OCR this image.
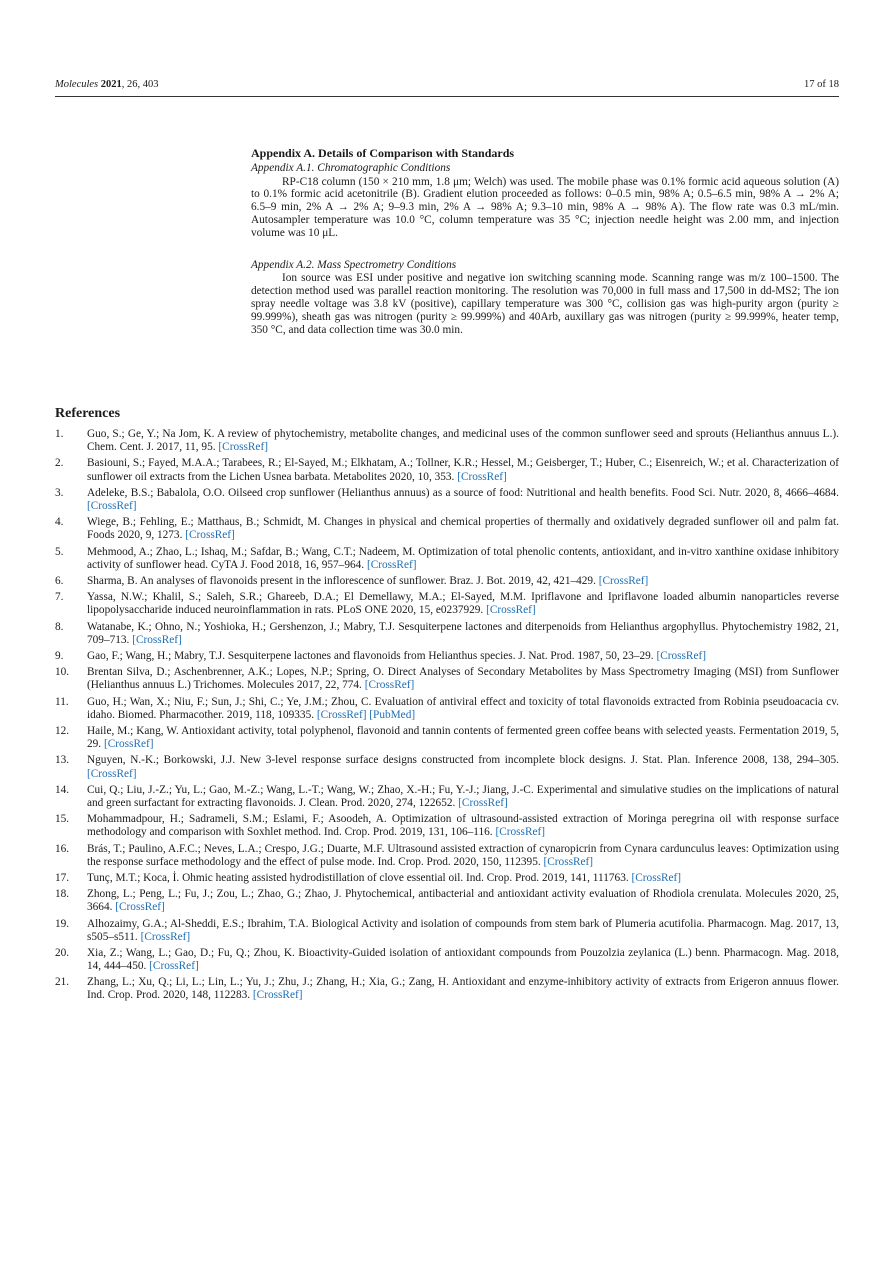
Molecules 2021, 26, 403	17 of 18
Appendix A. Details of Comparison with Standards
Appendix A.1. Chromatographic Conditions

RP-C18 column (150 × 210 mm, 1.8 μm; Welch) was used. The mobile phase was 0.1% formic acid aqueous solution (A) to 0.1% formic acid acetonitrile (B). Gradient elution proceeded as follows: 0–0.5 min, 98% A; 0.5–6.5 min, 98% A → 2% A; 6.5–9 min, 2% A → 2% A; 9–9.3 min, 2% A → 98% A; 9.3–10 min, 98% A → 98% A). The flow rate was 0.3 mL/min. Autosampler temperature was 10.0 °C, column temperature was 35 °C; injection needle height was 2.00 mm, and injection volume was 10 μL.

Appendix A.2. Mass Spectrometry Conditions

Ion source was ESI under positive and negative ion switching scanning mode. Scanning range was m/z 100–1500. The detection method used was parallel reaction monitoring. The resolution was 70,000 in full mass and 17,500 in dd-MS2; The ion spray needle voltage was 3.8 kV (positive), capillary temperature was 300 °C, collision gas was high-purity argon (purity ≥ 99.999%), sheath gas was nitrogen (purity ≥ 99.999%) and 40Arb, auxillary gas was nitrogen (purity ≥ 99.999%, heater temp, 350 °C, and data collection time was 30.0 min.

References
1. Guo, S.; Ge, Y.; Na Jom, K. A review of phytochemistry, metabolite changes, and medicinal uses of the common sunflower seed and sprouts (Helianthus annuus L.). Chem. Cent. J. 2017, 11, 95. [CrossRef]
2. Basiouni, S.; Fayed, M.A.A.; Tarabees, R.; El-Sayed, M.; Elkhatam, A.; Tollner, K.R.; Hessel, M.; Geisberger, T.; Huber, C.; Eisenreich, W.; et al. Characterization of sunflower oil extracts from the Lichen Usnea barbata. Metabolites 2020, 10, 353. [CrossRef]
3. Adeleke, B.S.; Babalola, O.O. Oilseed crop sunflower (Helianthus annuus) as a source of food: Nutritional and health benefits. Food Sci. Nutr. 2020, 8, 4666–4684. [CrossRef]
4. Wiege, B.; Fehling, E.; Matthaus, B.; Schmidt, M. Changes in physical and chemical properties of thermally and oxidatively degraded sunflower oil and palm fat. Foods 2020, 9, 1273. [CrossRef]
5. Mehmood, A.; Zhao, L.; Ishaq, M.; Safdar, B.; Wang, C.T.; Nadeem, M. Optimization of total phenolic contents, antioxidant, and in-vitro xanthine oxidase inhibitory activity of sunflower head. CyTA J. Food 2018, 16, 957–964. [CrossRef]
6. Sharma, B. An analyses of flavonoids present in the inflorescence of sunflower. Braz. J. Bot. 2019, 42, 421–429. [CrossRef]
7. Yassa, N.W.; Khalil, S.; Saleh, S.R.; Ghareeb, D.A.; El Demellawy, M.A.; El-Sayed, M.M. Ipriflavone and Ipriflavone loaded albumin nanoparticles reverse lipopolysaccharide induced neuroinflammation in rats. PLoS ONE 2020, 15, e0237929. [CrossRef]
8. Watanabe, K.; Ohno, N.; Yoshioka, H.; Gershenzon, J.; Mabry, T.J. Sesquiterpene lactones and diterpenoids from Helianthus argophyllus. Phytochemistry 1982, 21, 709–713. [CrossRef]
9. Gao, F.; Wang, H.; Mabry, T.J. Sesquiterpene lactones and flavonoids from Helianthus species. J. Nat. Prod. 1987, 50, 23–29. [CrossRef]
10. Brentan Silva, D.; Aschenbrenner, A.K.; Lopes, N.P.; Spring, O. Direct Analyses of Secondary Metabolites by Mass Spectrometry Imaging (MSI) from Sunflower (Helianthus annuus L.) Trichomes. Molecules 2017, 22, 774. [CrossRef]
11. Guo, H.; Wan, X.; Niu, F.; Sun, J.; Shi, C.; Ye, J.M.; Zhou, C. Evaluation of antiviral effect and toxicity of total flavonoids extracted from Robinia pseudoacacia cv. idaho. Biomed. Pharmacother. 2019, 118, 109335. [CrossRef] [PubMed]
12. Haile, M.; Kang, W. Antioxidant activity, total polyphenol, flavonoid and tannin contents of fermented green coffee beans with selected yeasts. Fermentation 2019, 5, 29. [CrossRef]
13. Nguyen, N.-K.; Borkowski, J.J. New 3-level response surface designs constructed from incomplete block designs. J. Stat. Plan. Inference 2008, 138, 294–305. [CrossRef]
14. Cui, Q.; Liu, J.-Z.; Yu, L.; Gao, M.-Z.; Wang, L.-T.; Wang, W.; Zhao, X.-H.; Fu, Y.-J.; Jiang, J.-C. Experimental and simulative studies on the implications of natural and green surfactant for extracting flavonoids. J. Clean. Prod. 2020, 274, 122652. [CrossRef]
15. Mohammadpour, H.; Sadrameli, S.M.; Eslami, F.; Asoodeh, A. Optimization of ultrasound-assisted extraction of Moringa peregrina oil with response surface methodology and comparison with Soxhlet method. Ind. Crop. Prod. 2019, 131, 106–116. [CrossRef]
16. Brás, T.; Paulino, A.F.C.; Neves, L.A.; Crespo, J.G.; Duarte, M.F. Ultrasound assisted extraction of cynaropicrin from Cynara cardunculus leaves: Optimization using the response surface methodology and the effect of pulse mode. Ind. Crop. Prod. 2020, 150, 112395. [CrossRef]
17. Tunç, M.T.; Koca, İ. Ohmic heating assisted hydrodistillation of clove essential oil. Ind. Crop. Prod. 2019, 141, 111763. [CrossRef]
18. Zhong, L.; Peng, L.; Fu, J.; Zou, L.; Zhao, G.; Zhao, J. Phytochemical, antibacterial and antioxidant activity evaluation of Rhodiola crenulata. Molecules 2020, 25, 3664. [CrossRef]
19. Alhozaimy, G.A.; Al-Sheddi, E.S.; Ibrahim, T.A. Biological Activity and isolation of compounds from stem bark of Plumeria acutifolia. Pharmacogn. Mag. 2017, 13, s505–s511. [CrossRef]
20. Xia, Z.; Wang, L.; Gao, D.; Fu, Q.; Zhou, K. Bioactivity-Guided isolation of antioxidant compounds from Pouzolzia zeylanica (L.) benn. Pharmacogn. Mag. 2018, 14, 444–450. [CrossRef]
21. Zhang, L.; Xu, Q.; Li, L.; Lin, L.; Yu, J.; Zhu, J.; Zhang, H.; Xia, G.; Zang, H. Antioxidant and enzyme-inhibitory activity of extracts from Erigeron annuus flower. Ind. Crop. Prod. 2020, 148, 112283. [CrossRef]
